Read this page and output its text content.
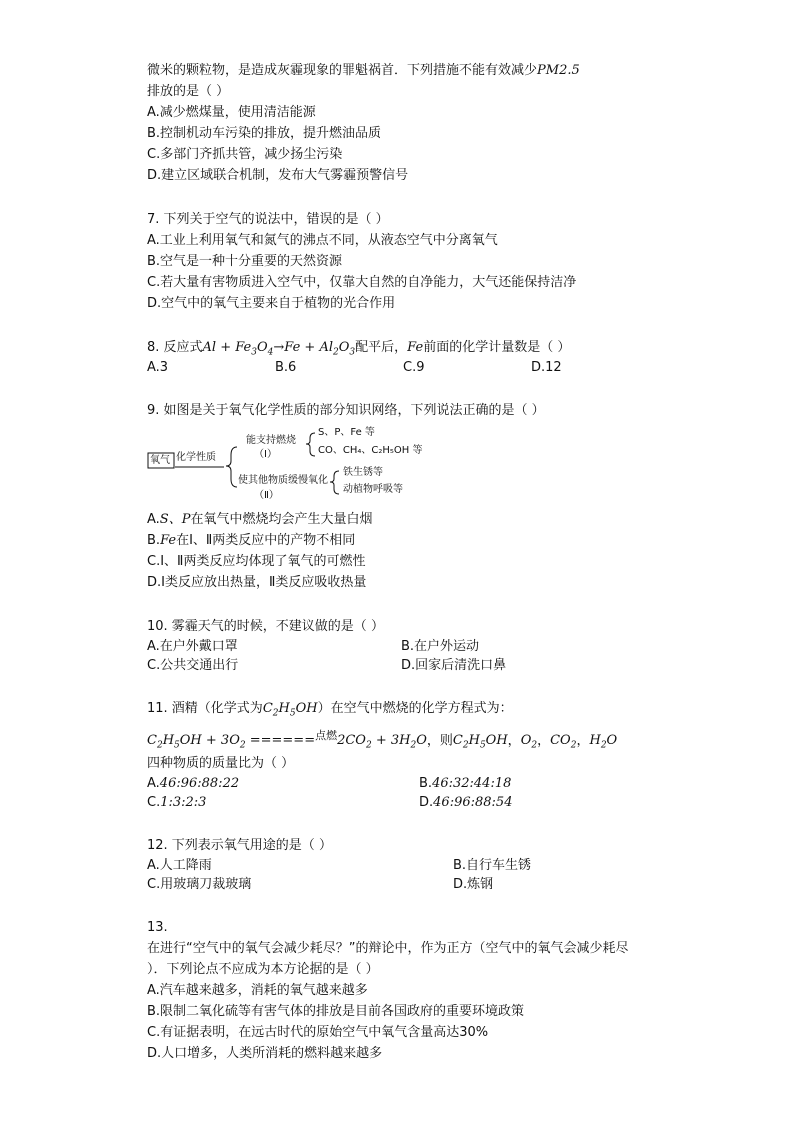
微米的颗粒物，是造成灰霾现象的罪魁祸首．下列措施不能有效减少PM2.5
排放的是（ ）
A.减少燃煤量，使用清洁能源
B.控制机动车污染的排放，提升燃油品质
C.多部门齐抓共管，减少扬尘污染
D.建立区域联合机制，发布大气雾霾预警信号
7. 下列关于空气的说法中，错误的是（ ）
A.工业上利用氧气和氮气的沸点不同，从液态空气中分离氧气
B.空气是一种十分重要的天然资源
C.若大量有害物质进入空气中，仅靠大自然的自净能力，大气还能保持洁净
D.空气中的氧气主要来自于植物的光合作用
8. 反应式$Al + Fe_3O_4\to Fe + Al_2O_3$配平后，Fe前面的化学计量数是（ ）
A.3	B.6	C.9	D.12
9. 如图是关于氧气化学性质的部分知识网络，下列说法正确的是（ ）
氧气 化学性质
能支持燃烧
（Ⅰ）
S、P、Fe 等
CO、CH₄、C₂H₅OH 等
使其他物质缓慢氧化
（Ⅱ）
铁生锈等
动植物呼吸等
A.S、P在氧气中燃烧均会产生大量白烟
B.Fe在Ⅰ、Ⅱ两类反应中的产物不相同
C.Ⅰ、Ⅱ两类反应均体现了氧气的可燃性
D.Ⅰ类反应放出热量，Ⅱ类反应吸收热量
10. 雾霾天气的时候，不建议做的是（ ）
A.在户外戴口罩	B.在户外运动
C.公共交通出行	D.回家后清洗口鼻
11. 酒精（化学式为$C_2H_5OH$）在空气中燃烧的化学方程式为：
$C_2H_5OH + 3O_2 ======^{点燃}2CO_2 + 3H_2O$，则$C_2H_5OH$，$O_2$，$CO_2$，$H_2O$
四种物质的质量比为（ ）
A.46:96:88:22	B.46:32:44:18
C.1:3:2:3	D.46:96:88:54
12. 下列表示氧气用途的是（ ）
A.人工降雨	B.自行车生锈
C.用玻璃刀裁玻璃	D.炼钢
13.
在进行“空气中的氧气会减少耗尽？”的辩论中，作为正方（空气中的氧气会减少耗尽
）．下列论点不应成为本方论据的是（ ）
A.汽车越来越多，消耗的氧气越来越多
B.限制二氧化硫等有害气体的排放是目前各国政府的重要环境政策
C.有证据表明，在远古时代的原始空气中氧气含量高达30%
D.人口增多，人类所消耗的燃料越来越多
